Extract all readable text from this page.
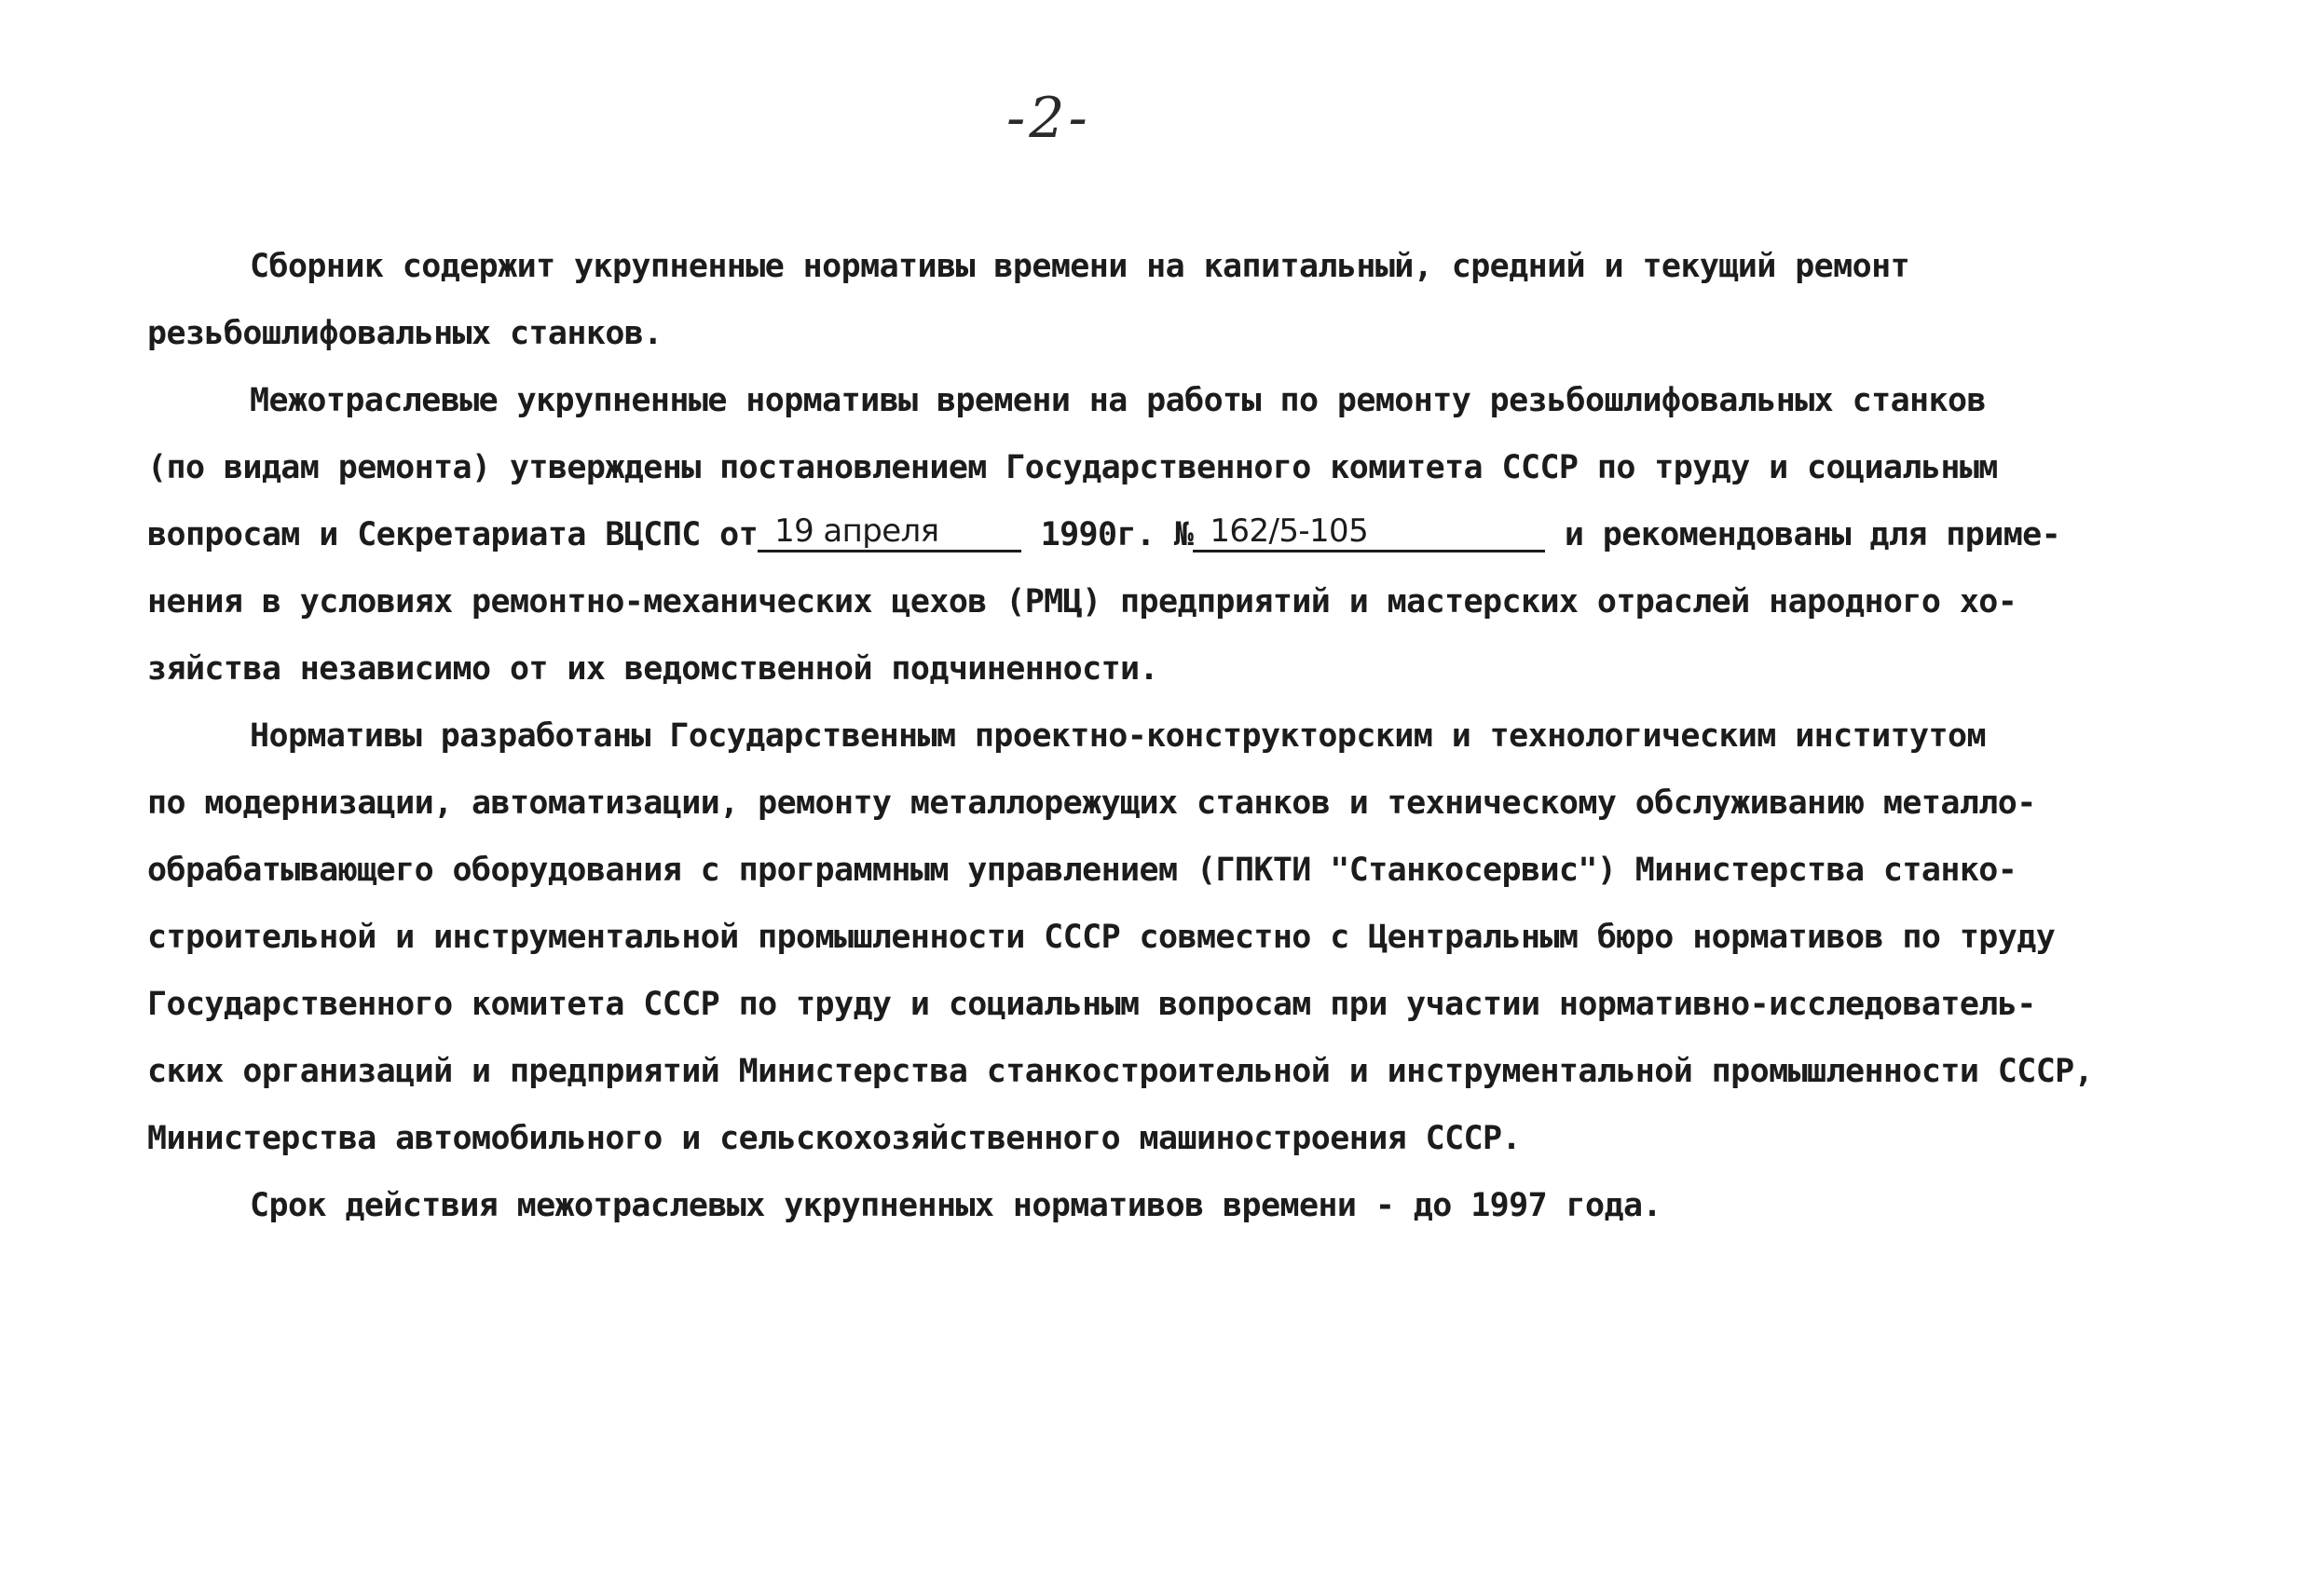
-2-
Сборник содержит укрупненные нормативы времени на капитальный, средний и текущий ремонт
резьбошлифовальных станков.
Межотраслевые укрупненные нормативы времени на работы по ремонту резьбошлифовальных станков
(по видам ремонта) утверждены постановлением Государственного комитета СССР по труду и социальным
вопросам и Секретариата ВЦСПС от 19 апреля	1990г. № 162/5-105	и рекомендованы для приме-
нения в условиях ремонтно-механических цехов (РМЦ) предприятий и мастерских отраслей народного хо-
зяйства независимо от их ведомственной подчиненности.
Нормативы разработаны Государственным проектно-конструкторским и технологическим институтом
по модернизации, автоматизации, ремонту металлорежущих станков и техническому обслуживанию металло-
обрабатывающего оборудования с программным управлением (ГПКТИ "Станкосервис") Министерства станко-
строительной и инструментальной промышленности СССР совместно с Центральным бюро нормативов по труду
Государственного комитета СССР по труду и социальным вопросам при участии нормативно-исследователь-
ских организаций и предприятий Министерства станкостроительной и инструментальной промышленности СССР,
Министерства автомобильного и сельскохозяйственного машиностроения СССР.
Срок действия межотраслевых укрупненных нормативов времени - до 1997 года.
